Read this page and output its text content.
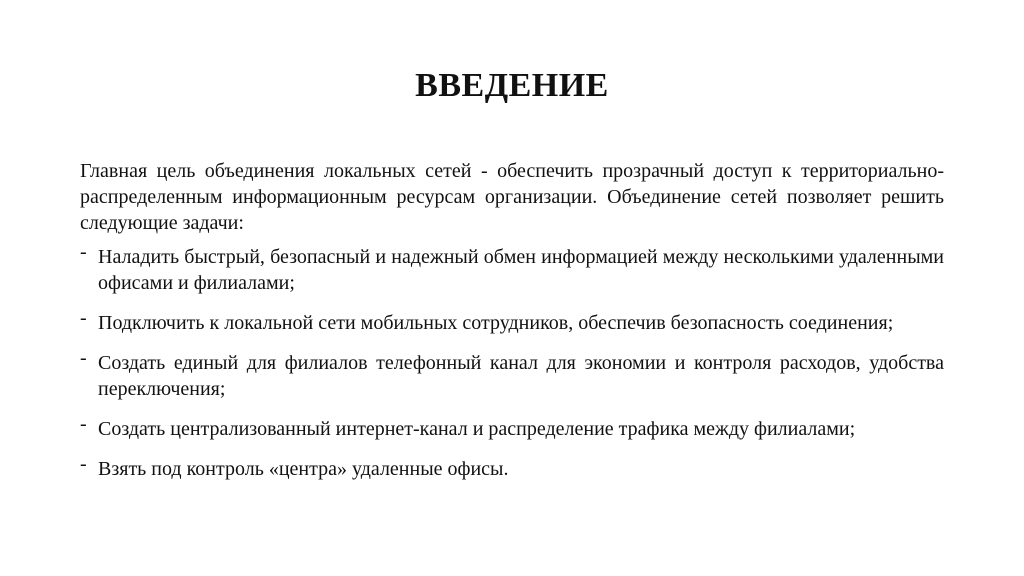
ВВЕДЕНИЕ

Главная цель объединения локальных сетей - обеспечить прозрачный доступ к территориально-распределенным информационным ресурсам организации. Объединение сетей позволяет решить следующие задачи:

- Наладить быстрый, безопасный и надежный обмен информацией между несколькими удаленными офисами и филиалами;
- Подключить к локальной сети мобильных сотрудников, обеспечив безопасность соединения;
- Создать единый для филиалов телефонный канал для экономии и контроля расходов, удобства переключения;
- Создать централизованный интернет-канал и распределение трафика между филиалами;
- Взять под контроль «центра» удаленные офисы.
